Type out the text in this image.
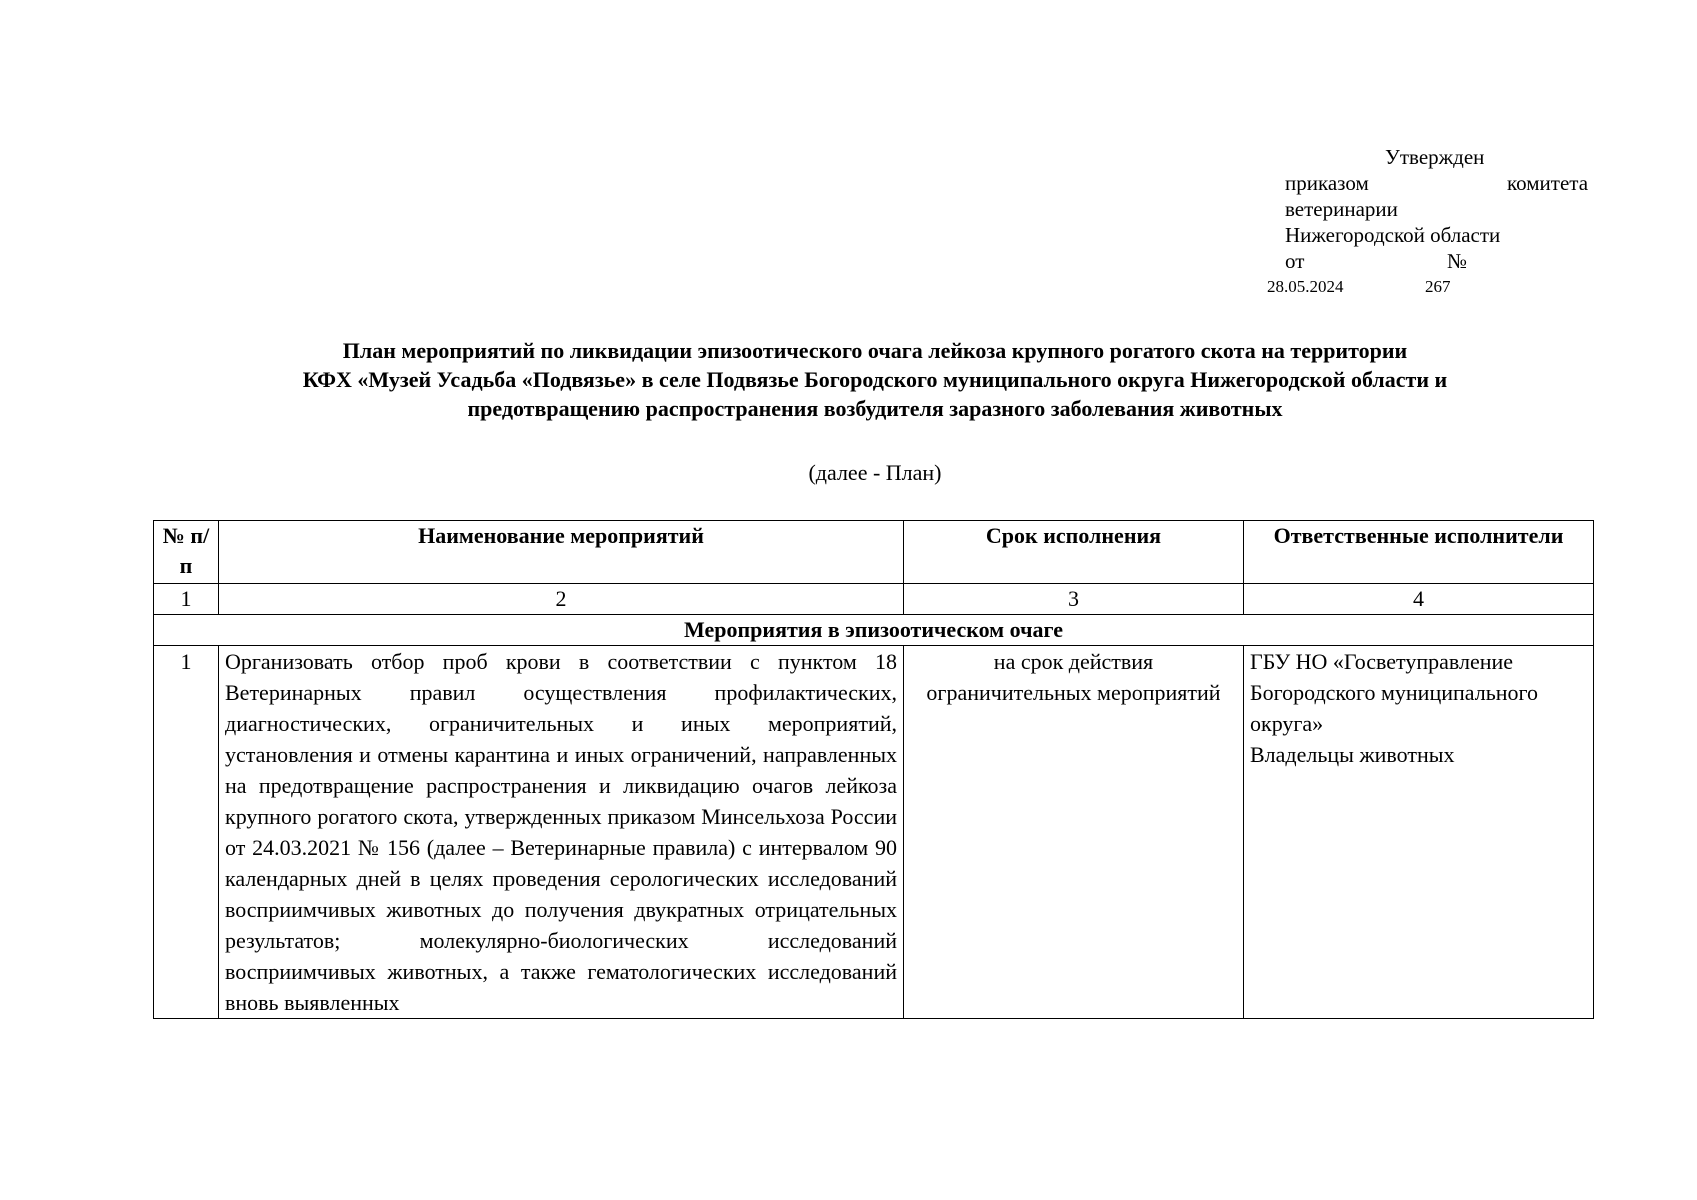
Утвержден
приказом	комитета
ветеринарии
Нижегородской области
от	№
28.05.2024	267
План мероприятий по ликвидации эпизоотического очага лейкоза крупного рогатого скота на территории
КФХ «Музей Усадьба «Подвязье» в селе Подвязье Богородского муниципального округа Нижегородской области и
предотвращению распространения возбудителя заразного заболевания животных
(далее - План)
№ п/п	Наименование мероприятий	Срок исполнения	Ответственные исполнители
1	2	3	4
Мероприятия в эпизоотическом очаге			
1	Организовать отбор проб крови в соответствии с пунктом 18 Ветеринарных правил осуществления профилактических, диагностических, ограничительных и иных мероприятий, установления и отмены карантина и иных ограничений, направленных на предотвращение распространения и ликвидацию очагов лейкоза крупного рогатого скота, утвержденных приказом Минсельхоза России от 24.03.2021 № 156 (далее – Ветеринарные правила) с интервалом 90 календарных дней в целях проведения серологических исследований восприимчивых животных до получения двукратных отрицательных результатов; молекулярно-биологических исследований восприимчивых животных, а также гематологических исследований вновь выявленных	на срок действия ограничительных мероприятий	ГБУ НО «Госветуправление Богородского муниципального округа»
Владельцы животных
